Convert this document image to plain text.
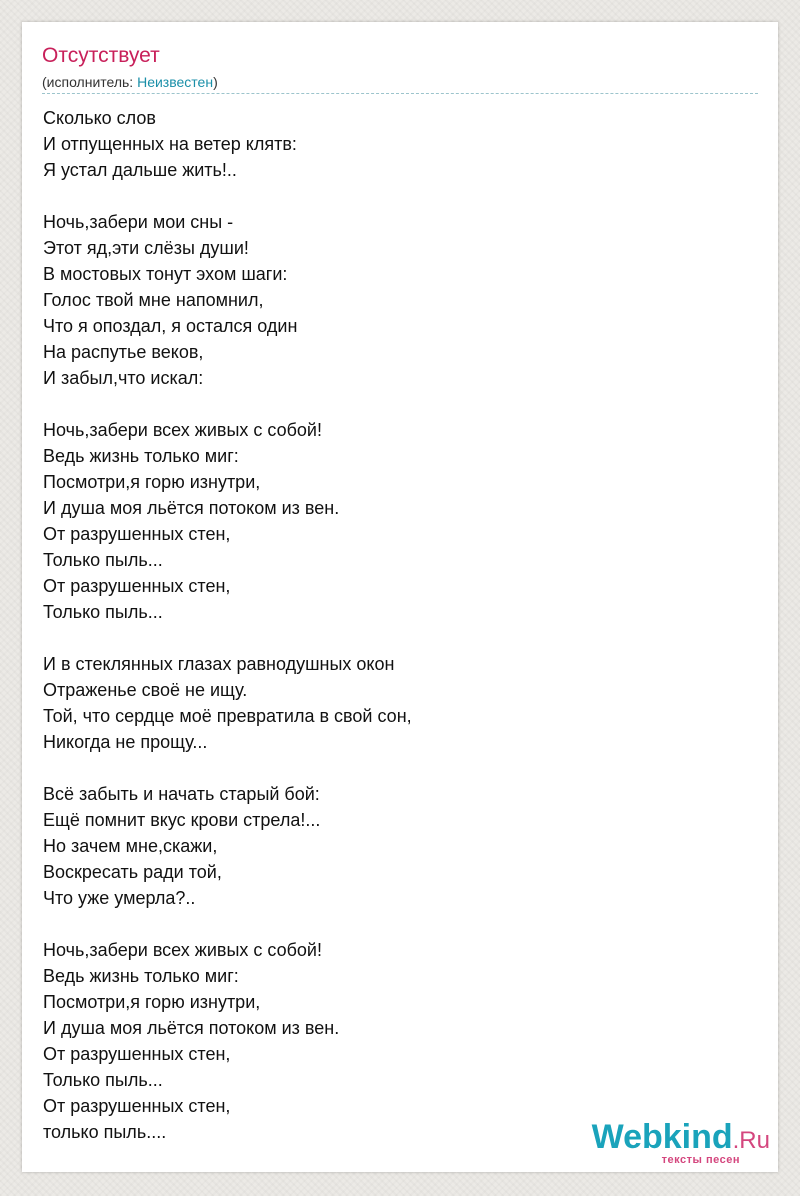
Отсутствует
(исполнитель: Неизвестен)
Сколько слов
И отпущенных на ветер клятв:
Я устал дальше жить!..
Ночь,забери мои сны -
Этот яд,эти слёзы души!
В мостовых тонут эхом шаги:
Голос твой мне напомнил,
Что я опоздал, я остался один
На распутье веков,
И забыл,что искал:
Ночь,забери всех живых с собой!
Ведь жизнь только миг:
Посмотри,я горю изнутри,
И душа моя льётся потоком из вен.
От разрушенных стен,
Только пыль...
От разрушенных стен,
Только пыль...
И в стеклянных глазах равнодушных окон
Отраженье своё не ищу.
Той, что сердце моё превратила в свой сон,
Никогда не прощу...
Всё забыть и начать старый бой:
Ещё помнит вкус крови стрела!...
Но зачем мне,скажи,
Воскресать ради той,
Что уже умерла?..
Ночь,забери всех живых с собой!
Ведь жизнь только миг:
Посмотри,я горю изнутри,
И душа моя льётся потоком из вен.
От разрушенных стен,
Только пыль...
От разрушенных стен,
только пыль....	Webkind.Ru
тексты песен
